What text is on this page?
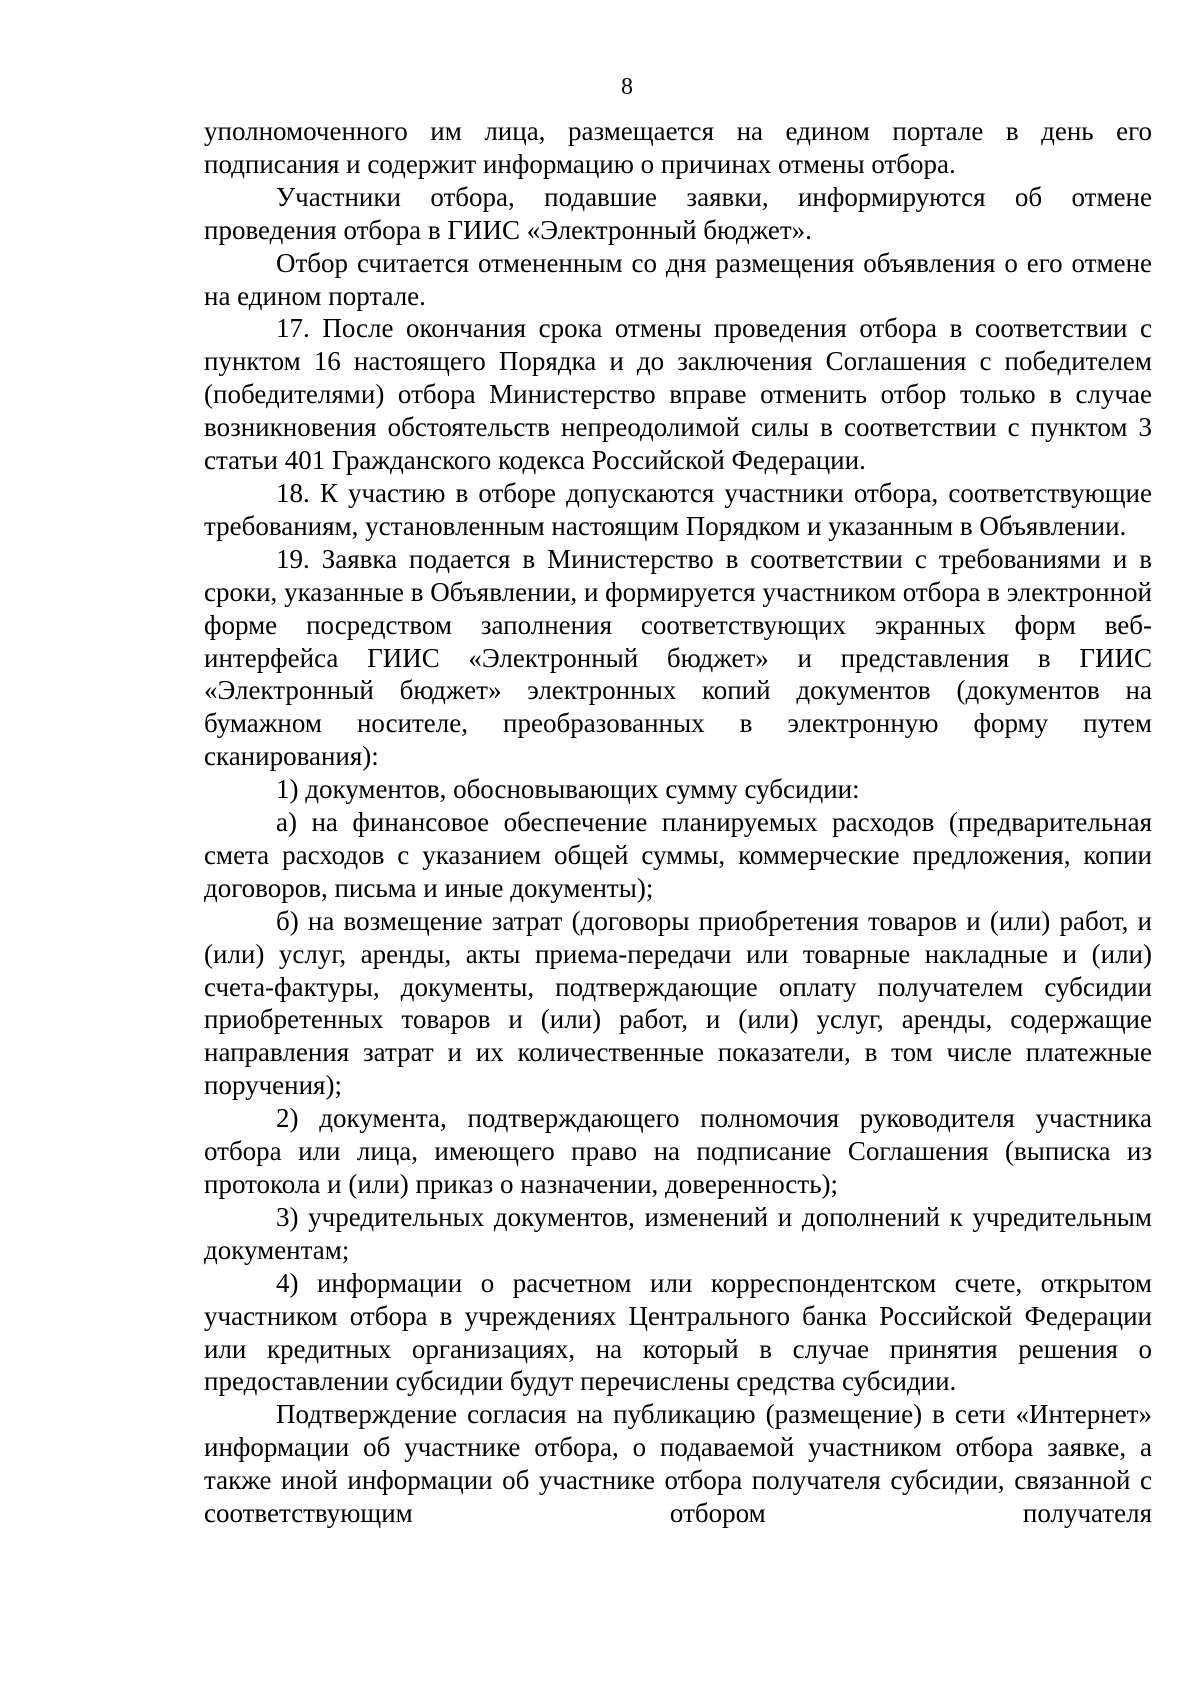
8

уполномоченного им лица, размещается на едином портале в день его подписания и содержит информацию о причинах отмены отбора.

Участники отбора, подавшие заявки, информируются об отмене проведения отбора в ГИИС «Электронный бюджет».

Отбор считается отмененным со дня размещения объявления о его отмене на едином портале.

17. После окончания срока отмены проведения отбора в соответствии с пунктом 16 настоящего Порядка и до заключения Соглашения с победителем (победителями) отбора Министерство вправе отменить отбор только в случае возникновения обстоятельств непреодолимой силы в соответствии с пунктом 3 статьи 401 Гражданского кодекса Российской Федерации.

18. К участию в отборе допускаются участники отбора, соответствующие требованиям, установленным настоящим Порядком и указанным в Объявлении.

19. Заявка подается в Министерство в соответствии с требованиями и в сроки, указанные в Объявлении, и формируется участником отбора в электронной форме посредством заполнения соответствующих экранных форм веб-интерфейса ГИИС «Электронный бюджет» и представления в ГИИС «Электронный бюджет» электронных копий документов (документов на бумажном носителе, преобразованных в электронную форму путем сканирования):

1) документов, обосновывающих сумму субсидии:

а) на финансовое обеспечение планируемых расходов (предварительная смета расходов с указанием общей суммы, коммерческие предложения, копии договоров, письма и иные документы);

б) на возмещение затрат (договоры приобретения товаров и (или) работ, и (или) услуг, аренды, акты приема-передачи или товарные накладные и (или) счета-фактуры, документы, подтверждающие оплату получателем субсидии приобретенных товаров и (или) работ, и (или) услуг, аренды, содержащие направления затрат и их количественные показатели, в том числе платежные поручения);

2) документа, подтверждающего полномочия руководителя участника отбора или лица, имеющего право на подписание Соглашения (выписка из протокола и (или) приказ о назначении, доверенность);

3) учредительных документов, изменений и дополнений к учредительным документам;

4) информации о расчетном или корреспондентском счете, открытом участником отбора в учреждениях Центрального банка Российской Федерации или кредитных организациях, на который в случае принятия решения о предоставлении субсидии будут перечислены средства субсидии.

Подтверждение согласия на публикацию (размещение) в сети «Интернет» информации об участнике отбора, о подаваемой участником отбора заявке, а также иной информации об участнике отбора получателя субсидии, связанной с соответствующим отбором получателя
